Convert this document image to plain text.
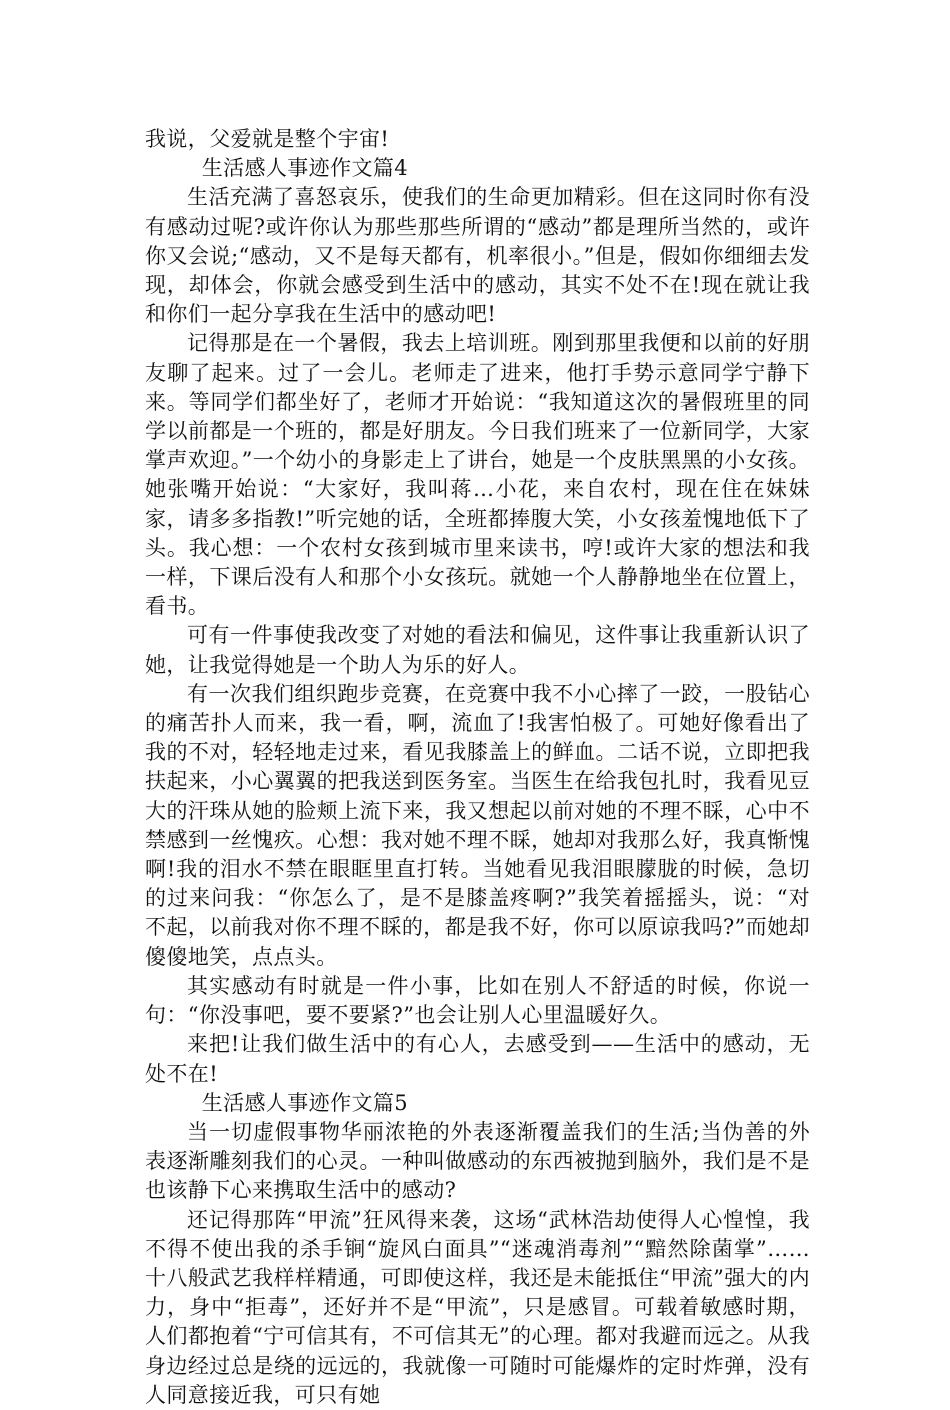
我说，父爱就是整个宇宙!

生活感人事迹作文篇4

生活充满了喜怒哀乐，使我们的生命更加精彩。但在这同时你有没有感动过呢?或许你认为那些那些所谓的“感动”都是理所当然的，或许你又会说;“感动，又不是每天都有，机率很小。”但是，假如你细细去发现，却体会，你就会感受到生活中的感动，其实不处不在!现在就让我和你们一起分享我在生活中的感动吧!

记得那是在一个暑假，我去上培训班。刚到那里我便和以前的好朋友聊了起来。过了一会儿。老师走了进来，他打手势示意同学宁静下来。等同学们都坐好了，老师才开始说：“我知道这次的暑假班里的同学以前都是一个班的，都是好朋友。今日我们班来了一位新同学，大家掌声欢迎。”一个幼小的身影走上了讲台，她是一个皮肤黑黑的小女孩。她张嘴开始说：“大家好，我叫蒋…小花，来自农村，现在住在妹妹家，请多多指教!”听完她的话，全班都捧腹大笑，小女孩羞愧地低下了头。我心想：一个农村女孩到城市里来读书，哼!或许大家的想法和我一样，下课后没有人和那个小女孩玩。就她一个人静静地坐在位置上，看书。

可有一件事使我改变了对她的看法和偏见，这件事让我重新认识了她，让我觉得她是一个助人为乐的好人。

有一次我们组织跑步竞赛，在竞赛中我不小心摔了一跤，一股钻心的痛苦扑人而来，我一看，啊，流血了!我害怕极了。可她好像看出了我的不对，轻轻地走过来，看见我膝盖上的鲜血。二话不说，立即把我扶起来，小心翼翼的把我送到医务室。当医生在给我包扎时，我看见豆大的汗珠从她的脸颊上流下来，我又想起以前对她的不理不睬，心中不禁感到一丝愧疚。心想：我对她不理不睬，她却对我那么好，我真惭愧啊!我的泪水不禁在眼眶里直打转。当她看见我泪眼朦胧的时候，急切的过来问我：“你怎么了，是不是膝盖疼啊?”我笑着摇摇头，说：“对不起，以前我对你不理不睬的，都是我不好，你可以原谅我吗?”而她却傻傻地笑，点点头。

其实感动有时就是一件小事，比如在别人不舒适的时候，你说一句：“你没事吧，要不要紧?”也会让别人心里温暖好久。

来把!让我们做生活中的有心人，去感受到——生活中的感动，无处不在!

生活感人事迹作文篇5

当一切虚假事物华丽浓艳的外表逐渐覆盖我们的生活;当伪善的外表逐渐雕刻我们的心灵。一种叫做感动的东西被抛到脑外，我们是不是也该静下心来携取生活中的感动?

还记得那阵“甲流”狂风得来袭，这场“武林浩劫使得人心惶惶，我不得不使出我的杀手锏“旋风白面具”“迷魂消毒剂”“黯然除菌掌”……十八般武艺我样样精通，可即使这样，我还是未能抵住“甲流”强大的内力，身中“拒毒”，还好并不是“甲流”，只是感冒。可载着敏感时期，人们都抱着“宁可信其有，不可信其无”的心理。都对我避而远之。从我身边经过总是绕的远远的，我就像一可随时可能爆炸的定时炸弹，没有人同意接近我，可只有她
